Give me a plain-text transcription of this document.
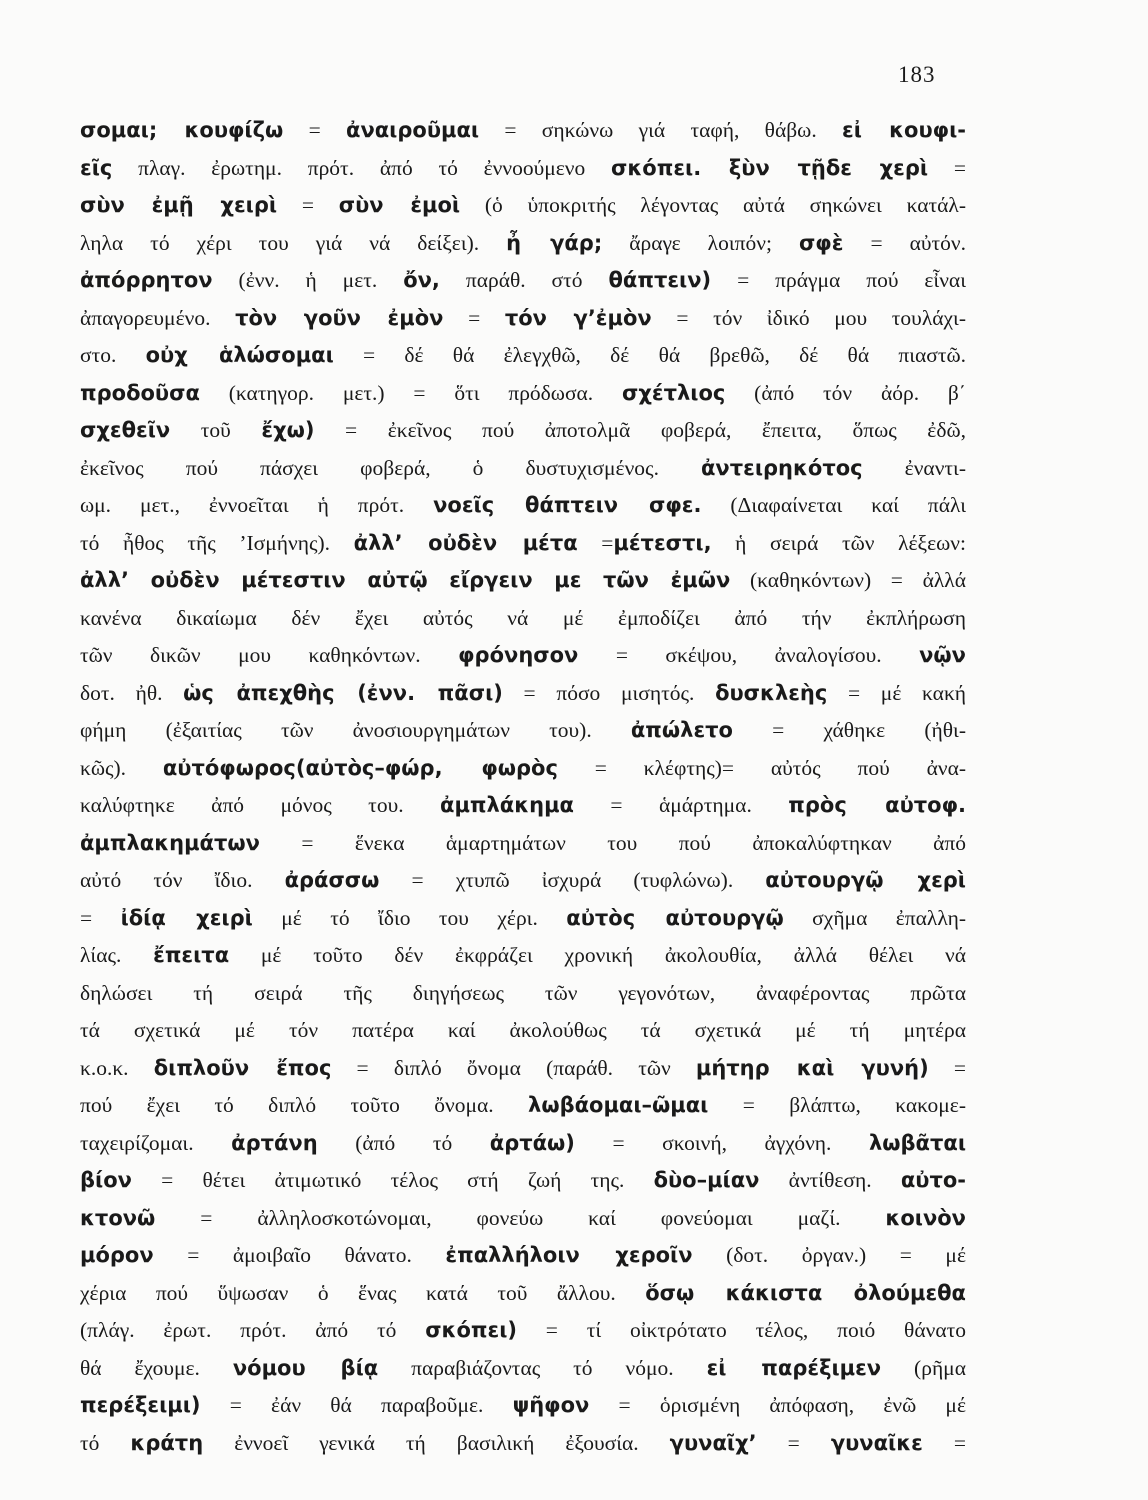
183
σομαι; κουφίζω = ἀναιροῦμαι = σηκώνω γιά ταφή, θάβω. εἰ κουφι-
εῖς πλαγ. ἐρωτημ. πρότ. ἀπό τό ἐννοούμενο σκόπει. ξὺν τῇδε χερὶ =
σὺν ἐμῇ χειρὶ = σὺν ἐμοὶ (ὁ ὑποκριτής λέγοντας αὐτά σηκώνει κατάλ-
ληλα τό χέρι του γιά νά δείξει). ἦ γάρ; ἄραγε λοιπόν; σφὲ = αὐτόν.
ἀπόρρητον (ἐνν. ἡ μετ. ὄν, παράθ. στό θάπτειν) = πράγμα πού εἶναι
ἀπαγορευμένο. τὸν γοῦν ἐμὸν = τόν γ’ἐμὸν = τόν ἰδικό μου τουλάχι-
στο. οὐχ ἁλώσομαι = δέ θά ἐλεγχθῶ, δέ θά βρεθῶ, δέ θά πιαστῶ.
προδοῦσα (κατηγορ. μετ.) = ὅτι πρόδωσα. σχέτλιος (ἀπό τόν ἀόρ. β΄
σχεθεῖν τοῦ ἔχω) = ἐκεῖνος πού ἀποτολμᾶ φοβερά, ἔπειτα, ὅπως ἐδῶ,
ἐκεῖνος πού πάσχει φοβερά, ὁ δυστυχισμένος. ἀντειρηκότος ἐναντι-
ωμ. μετ., ἐννοεῖται ἡ πρότ. νοεῖς θάπτειν σφε. (Διαφαίνεται καί πάλι
τό ἦθος τῆς ’Ισμήνης). ἀλλ’ οὐδὲν μέτα =μέτεστι, ἡ σειρά τῶν λέξεων:
ἀλλ’ οὐδὲν μέτεστιν αὐτῷ εἴργειν με τῶν ἐμῶν (καθηκόντων) = ἀλλά
κανένα δικαίωμα δέν ἔχει αὐτός νά μέ ἐμποδίζει ἀπό τήν ἐκπλήρωση
τῶν δικῶν μου καθηκόντων. φρόνησον = σκέψου, ἀναλογίσου. νῷν
δοτ. ἠθ. ὡς ἀπεχθὴς (ἐνν. πᾶσι) = πόσο μισητός. δυσκλεὴς = μέ κακή
φήμη (ἐξαιτίας τῶν ἀνοσιουργημάτων του). ἀπώλετο = χάθηκε (ἠθι-
κῶς). αὐτόφωρος(αὐτὸς–φώρ, φωρὸς = κλέφτης)= αὐτός πού ἀνα-
καλύφτηκε ἀπό μόνος του. ἀμπλάκημα = ἁμάρτημα. πρὸς αὐτοφ.
ἀμπλακημάτων = ἕνεκα ἁμαρτημάτων του πού ἀποκαλύφτηκαν ἀπό
αὐτό τόν ἴδιο. ἀράσσω = χτυπῶ ἰσχυρά (τυφλώνω). αὐτουργῷ χερὶ
= ἰδίᾳ χειρὶ μέ τό ἴδιο του χέρι. αὐτὸς αὐτουργῷ σχῆμα ἐπαλλη-
λίας. ἔπειτα μέ τοῦτο δέν ἐκφράζει χρονική ἀκολουθία, ἀλλά θέλει νά
δηλώσει τή σειρά τῆς διηγήσεως τῶν γεγονότων, ἀναφέροντας πρῶτα
τά σχετικά μέ τόν πατέρα καί ἀκολούθως τά σχετικά μέ τή μητέρα
κ.ο.κ. διπλοῦν ἔπος = διπλό ὄνομα (παράθ. τῶν μήτηρ καὶ γυνή) =
πού ἔχει τό διπλό τοῦτο ὄνομα. λωβάομαι–ῶμαι = βλάπτω, κακομε-
ταχειρίζομαι. ἀρτάνη (ἀπό τό ἀρτάω) = σκοινή, ἀγχόνη. λωβᾶται
βίον = θέτει ἀτιμωτικό τέλος στή ζωή της. δὺο–μίαν ἀντίθεση. αὐτο-
κτονῶ = ἀλληλοσκοτώνομαι, φονεύω καί φονεύομαι μαζί. κοινὸν
μόρον = ἀμοιβαῖο θάνατο. ἐπαλλήλοιν χεροῖν (δοτ. ὀργαν.) = μέ
χέρια πού ὕψωσαν ὁ ἕνας κατά τοῦ ἄλλου. ὅσῳ κάκιστα ὀλούμεθα
(πλάγ. ἐρωτ. πρότ. ἀπό τό σκόπει) = τί οἰκτρότατο τέλος, ποιό θάνατο
θά ἔχουμε. νόμου βίᾳ παραβιάζοντας τό νόμο. εἰ παρέξιμεν (ρῆμα
περέξειμι) = ἐάν θά παραβοῦμε. ψῆφον = ὁρισμένη ἀπόφαση, ἐνῶ μέ
τό κράτη ἐννοεῖ γενικά τή βασιλική ἐξουσία. γυναῖχ’ = γυναῖκε =
